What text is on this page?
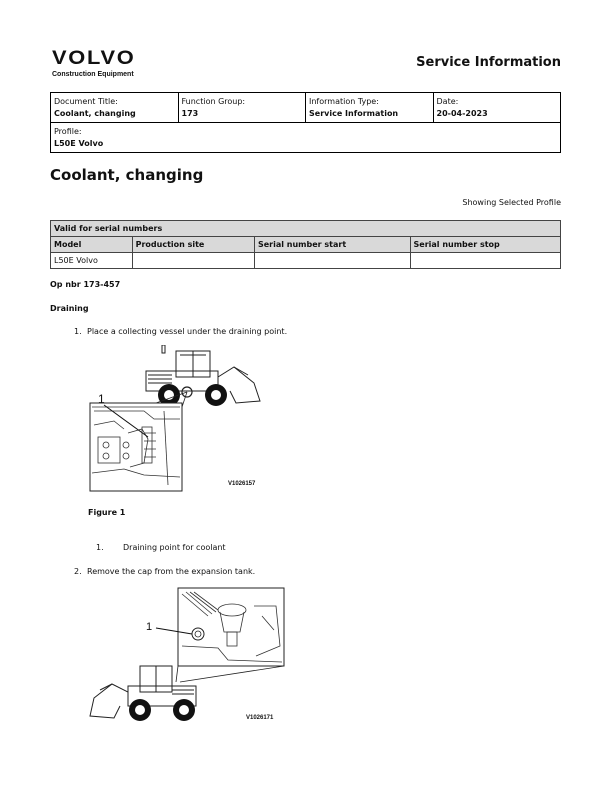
VOLVO
Construction Equipment
Service Information
Document Title:
Coolant, changing

Function Group:
173

Information Type:
Service Information

Date:
20-04-2023

Profile:
L50E Volvo
Coolant, changing
Showing Selected Profile
Valid for serial numbers			
Model	Production site	Serial number start	Serial number stop
L50E Volvo			
Op nbr 173-457
Draining
1. Place a collecting vessel under the draining point.
1
V1026157
Figure 1
1. Draining point for coolant
2. Remove the cap from the expansion tank.
1
V1026171
